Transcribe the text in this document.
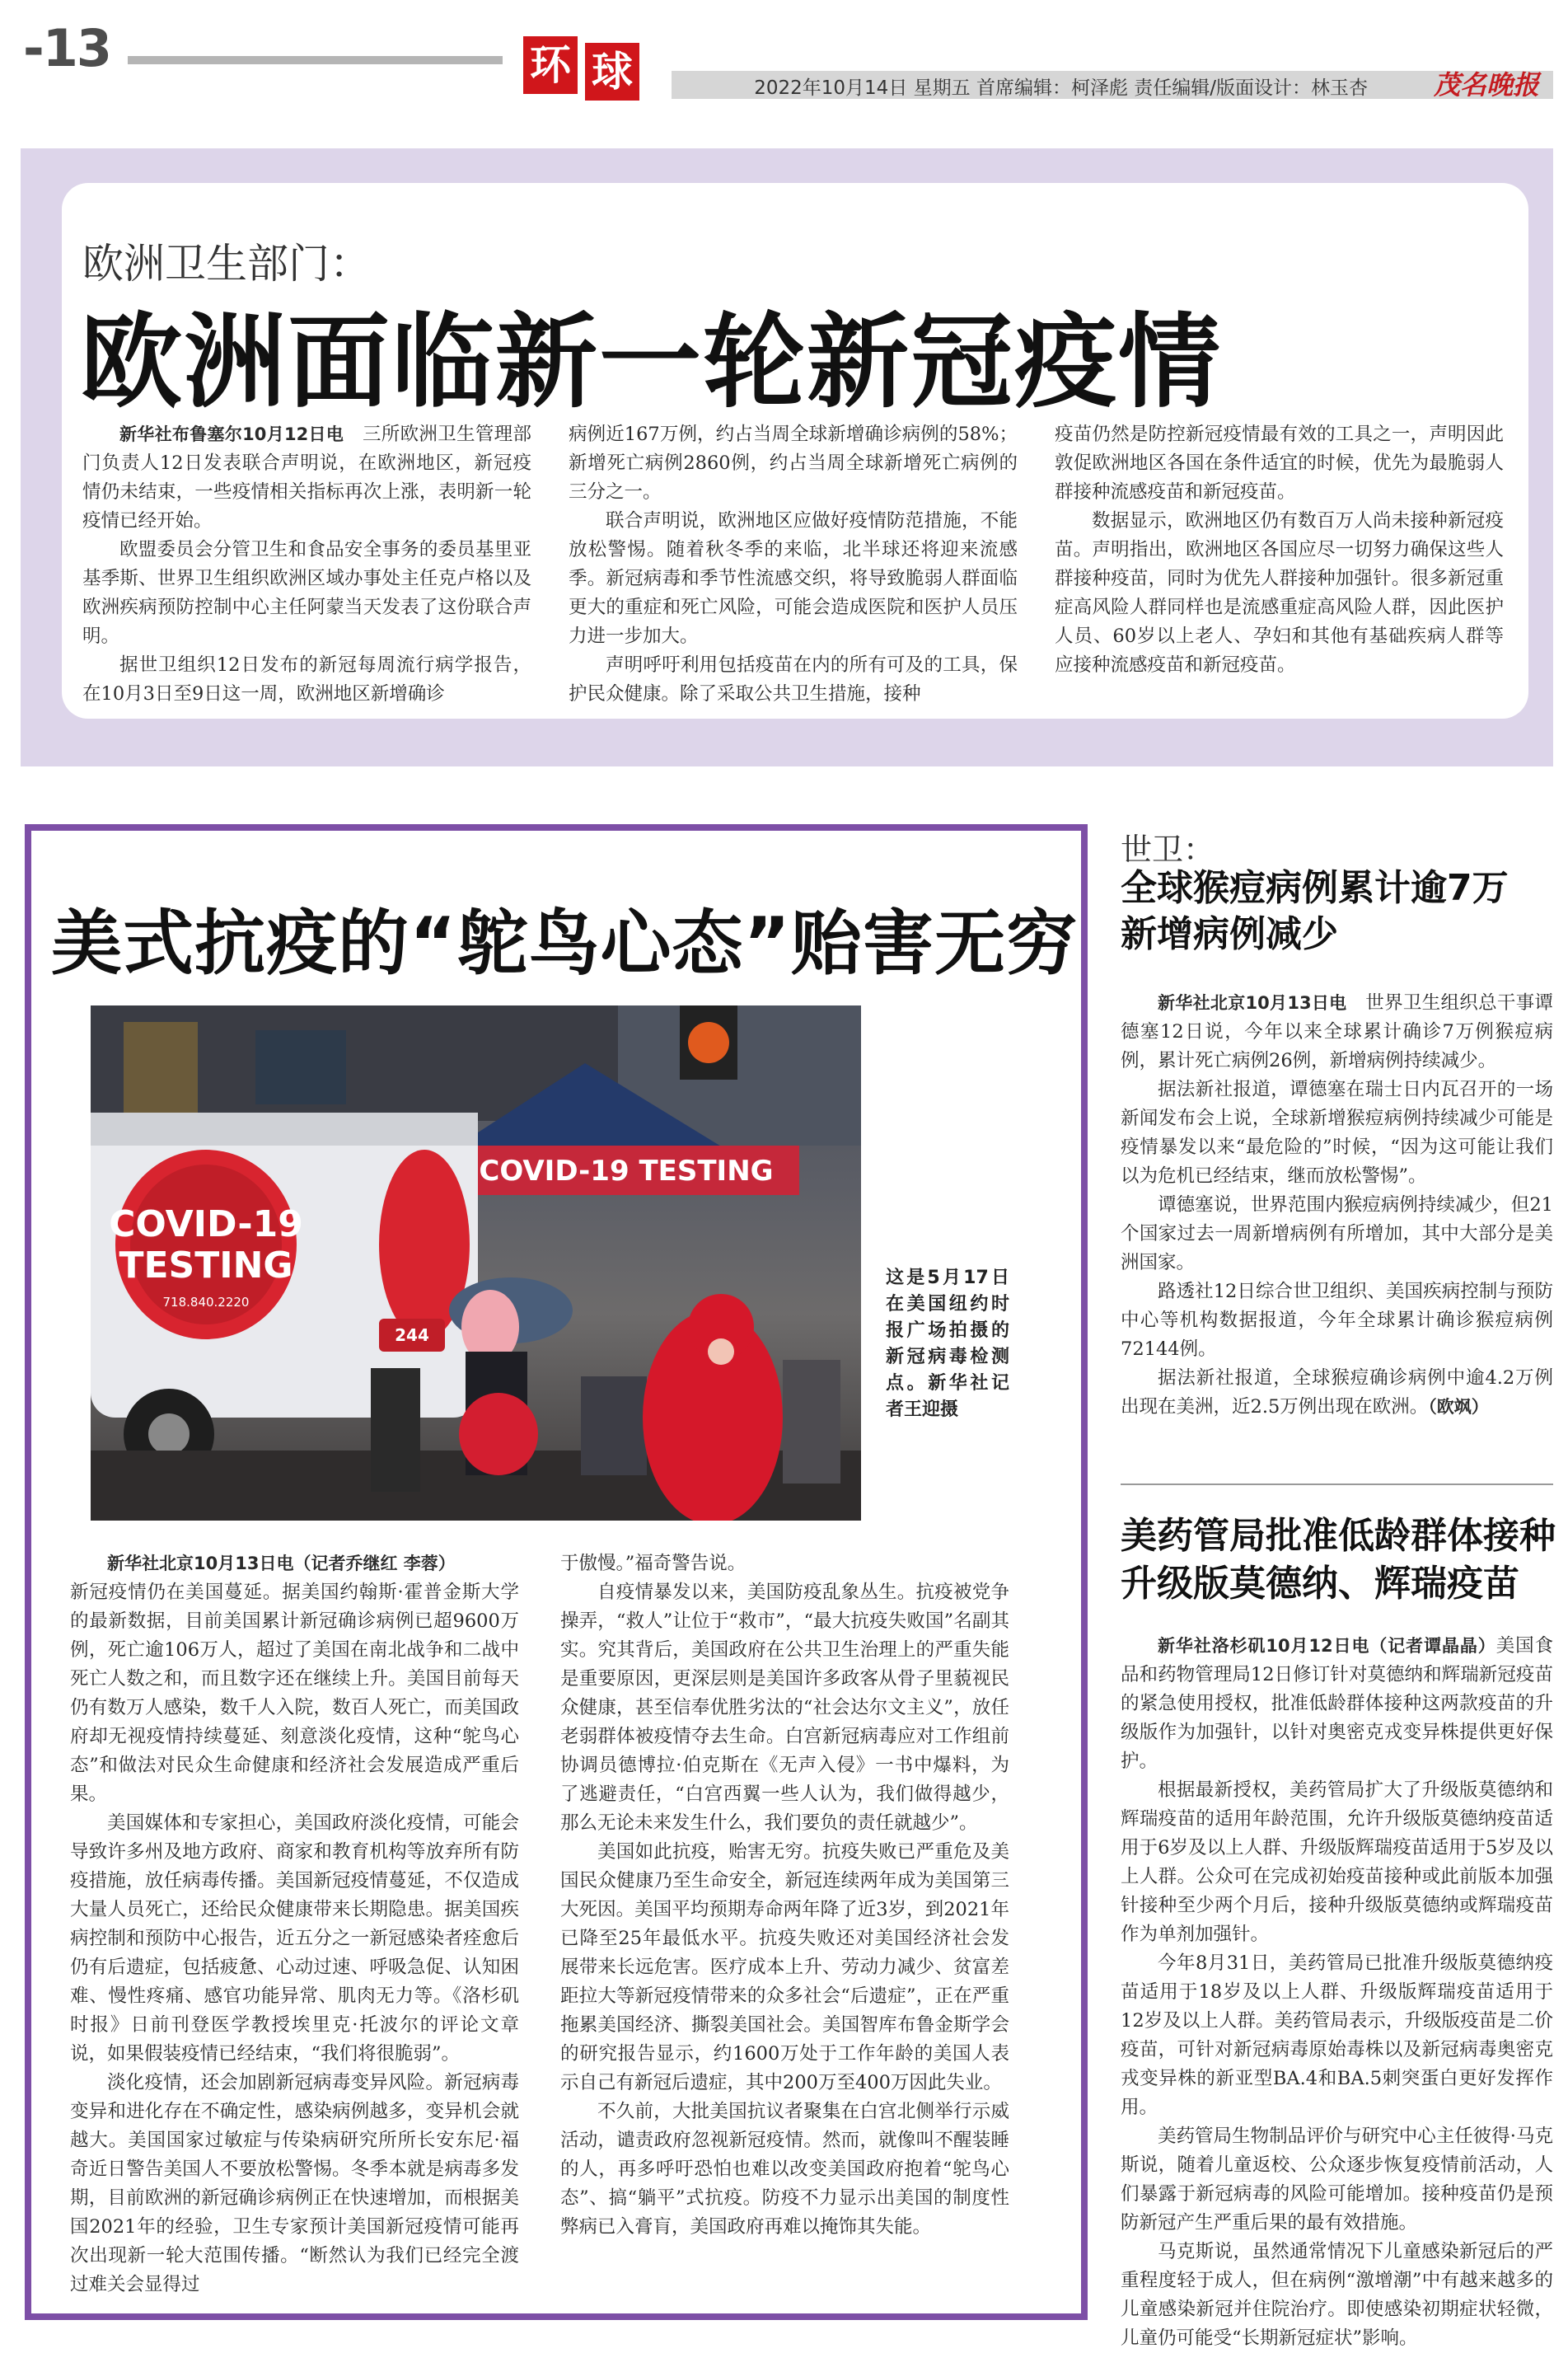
-13	环 球	2022年10月14日 星期五 首席编辑：柯泽彪 责任编辑/版面设计：林玉杏	茂名晚报
欧洲卫生部门：
欧洲面临新一轮新冠疫情

新华社布鲁塞尔10月12日电　 三所欧洲卫生管理部门负责人12日发表联合声明说，在欧洲地区，新冠疫情仍未结束，一些疫情相关指标再次上涨，表明新一轮疫情已经开始。

欧盟委员会分管卫生和食品安全事务的委员基里亚基季斯、世界卫生组织欧洲区域办事处主任克卢格以及欧洲疾病预防控制中心主任阿蒙当天发表了这份联合声明。

据世卫组织12日发布的新冠每周流行病学报告，在10月3日至9日这一周，欧洲地区新增确诊

病例近167万例，约占当周全球新增确诊病例的58%；新增死亡病例2860例，约占当周全球新增死亡病例的三分之一。

联合声明说，欧洲地区应做好疫情防范措施，不能放松警惕。随着秋冬季的来临，北半球还将迎来流感季。新冠病毒和季节性流感交织，将导致脆弱人群面临更大的重症和死亡风险，可能会造成医院和医护人员压力进一步加大。

声明呼吁利用包括疫苗在内的所有可及的工具，保护民众健康。除了采取公共卫生措施，接种

疫苗仍然是防控新冠疫情最有效的工具之一，声明因此敦促欧洲地区各国在条件适宜的时候，优先为最脆弱人群接种流感疫苗和新冠疫苗。

数据显示，欧洲地区仍有数百万人尚未接种新冠疫苗。声明指出，欧洲地区各国应尽一切努力确保这些人群接种疫苗，同时为优先人群接种加强针。很多新冠重症高风险人群同样也是流感重症高风险人群，因此医护人员、60岁以上老人、孕妇和其他有基础疾病人群等应接种流感疫苗和新冠疫苗。

美式抗疫的“鸵鸟心态”贻害无穷
COVID-19 TESTING
COVID-19
TESTING
718.840.2220
244
这是5月17日在美国纽约时报广场拍摄的新冠病毒检测点。新华社记者王迎摄

新华社北京10月13日电（记者乔继红 李蓉）

新冠疫情仍在美国蔓延。据美国约翰斯·霍普金斯大学的最新数据，目前美国累计新冠确诊病例已超9600万例，死亡逾106万人，超过了美国在南北战争和二战中死亡人数之和，而且数字还在继续上升。美国目前每天仍有数万人感染，数千人入院，数百人死亡，而美国政府却无视疫情持续蔓延、刻意淡化疫情，这种“鸵鸟心态”和做法对民众生命健康和经济社会发展造成严重后果。

美国媒体和专家担心，美国政府淡化疫情，可能会导致许多州及地方政府、商家和教育机构等放弃所有防疫措施，放任病毒传播。美国新冠疫情蔓延，不仅造成大量人员死亡，还给民众健康带来长期隐患。据美国疾病控制和预防中心报告，近五分之一新冠感染者痊愈后仍有后遗症，包括疲惫、心动过速、呼吸急促、认知困难、慢性疼痛、感官功能异常、肌肉无力等。《洛杉矶时报》日前刊登医学教授埃里克·托波尔的评论文章说，如果假装疫情已经结束，“我们将很脆弱”。

淡化疫情，还会加剧新冠病毒变异风险。新冠病毒变异和进化存在不确定性，感染病例越多，变异机会就越大。美国国家过敏症与传染病研究所所长安东尼·福奇近日警告美国人不要放松警惕。冬季本就是病毒多发期，目前欧洲的新冠确诊病例正在快速增加，而根据美国2021年的经验，卫生专家预计美国新冠疫情可能再次出现新一轮大范围传播。“断然认为我们已经完全渡过难关会显得过

于傲慢。”福奇警告说。

自疫情暴发以来，美国防疫乱象丛生。抗疫被党争操弄，“救人”让位于“救市”，“最大抗疫失败国”名副其实。究其背后，美国政府在公共卫生治理上的严重失能是重要原因，更深层则是美国许多政客从骨子里藐视民众健康，甚至信奉优胜劣汰的“社会达尔文主义”，放任老弱群体被疫情夺去生命。白宫新冠病毒应对工作组前协调员德博拉·伯克斯在《无声入侵》一书中爆料，为了逃避责任，“白宫西翼一些人认为，我们做得越少，那么无论未来发生什么，我们要负的责任就越少”。

美国如此抗疫，贻害无穷。抗疫失败已严重危及美国民众健康乃至生命安全，新冠连续两年成为美国第三大死因。美国平均预期寿命两年降了近3岁，到2021年已降至25年最低水平。抗疫失败还对美国经济社会发展带来长远危害。医疗成本上升、劳动力减少、贫富差距拉大等新冠疫情带来的众多社会“后遗症”，正在严重拖累美国经济、撕裂美国社会。美国智库布鲁金斯学会的研究报告显示，约1600万处于工作年龄的美国人表示自己有新冠后遗症，其中200万至400万因此失业。

不久前，大批美国抗议者聚集在白宫北侧举行示威活动，谴责政府忽视新冠疫情。然而，就像叫不醒装睡的人，再多呼吁恐怕也难以改变美国政府抱着“鸵鸟心态”、搞“躺平”式抗疫。防疫不力显示出美国的制度性弊病已入膏肓，美国政府再难以掩饰其失能。

世卫：
全球猴痘病例累计逾7万 新增病例减少

新华社北京10月13日电　 世界卫生组织总干事谭德塞12日说，今年以来全球累计确诊7万例猴痘病例，累计死亡病例26例，新增病例持续减少。

据法新社报道，谭德塞在瑞士日内瓦召开的一场新闻发布会上说，全球新增猴痘病例持续减少可能是疫情暴发以来“最危险的”时候，“因为这可能让我们以为危机已经结束，继而放松警惕”。

谭德塞说，世界范围内猴痘病例持续减少，但21个国家过去一周新增病例有所增加，其中大部分是美洲国家。

路透社12日综合世卫组织、美国疾病控制与预防中心等机构数据报道，今年全球累计确诊猴痘病例72144例。

据法新社报道，全球猴痘确诊病例中逾4.2万例出现在美洲，近2.5万例出现在欧洲。（欧飒）

美药管局批准低龄群体接种升级版莫德纳、辉瑞疫苗

新华社洛杉矶10月12日电（记者谭晶晶）美国食品和药物管理局12日修订针对莫德纳和辉瑞新冠疫苗的紧急使用授权，批准低龄群体接种这两款疫苗的升级版作为加强针，以针对奥密克戎变异株提供更好保护。

根据最新授权，美药管局扩大了升级版莫德纳和辉瑞疫苗的适用年龄范围，允许升级版莫德纳疫苗适用于6岁及以上人群、升级版辉瑞疫苗适用于5岁及以上人群。公众可在完成初始疫苗接种或此前版本加强针接种至少两个月后，接种升级版莫德纳或辉瑞疫苗作为单剂加强针。

今年8月31日，美药管局已批准升级版莫德纳疫苗适用于18岁及以上人群、升级版辉瑞疫苗适用于12岁及以上人群。美药管局表示，升级版疫苗是二价疫苗，可针对新冠病毒原始毒株以及新冠病毒奥密克戎变异株的新亚型BA.4和BA.5刺突蛋白更好发挥作用。

美药管局生物制品评价与研究中心主任彼得·马克斯说，随着儿童返校、公众逐步恢复疫情前活动，人们暴露于新冠病毒的风险可能增加。接种疫苗仍是预防新冠产生严重后果的最有效措施。

马克斯说，虽然通常情况下儿童感染新冠后的严重程度轻于成人，但在病例“激增潮”中有越来越多的儿童感染新冠并住院治疗。即使感染初期症状轻微，儿童仍可能受“长期新冠症状”影响。
